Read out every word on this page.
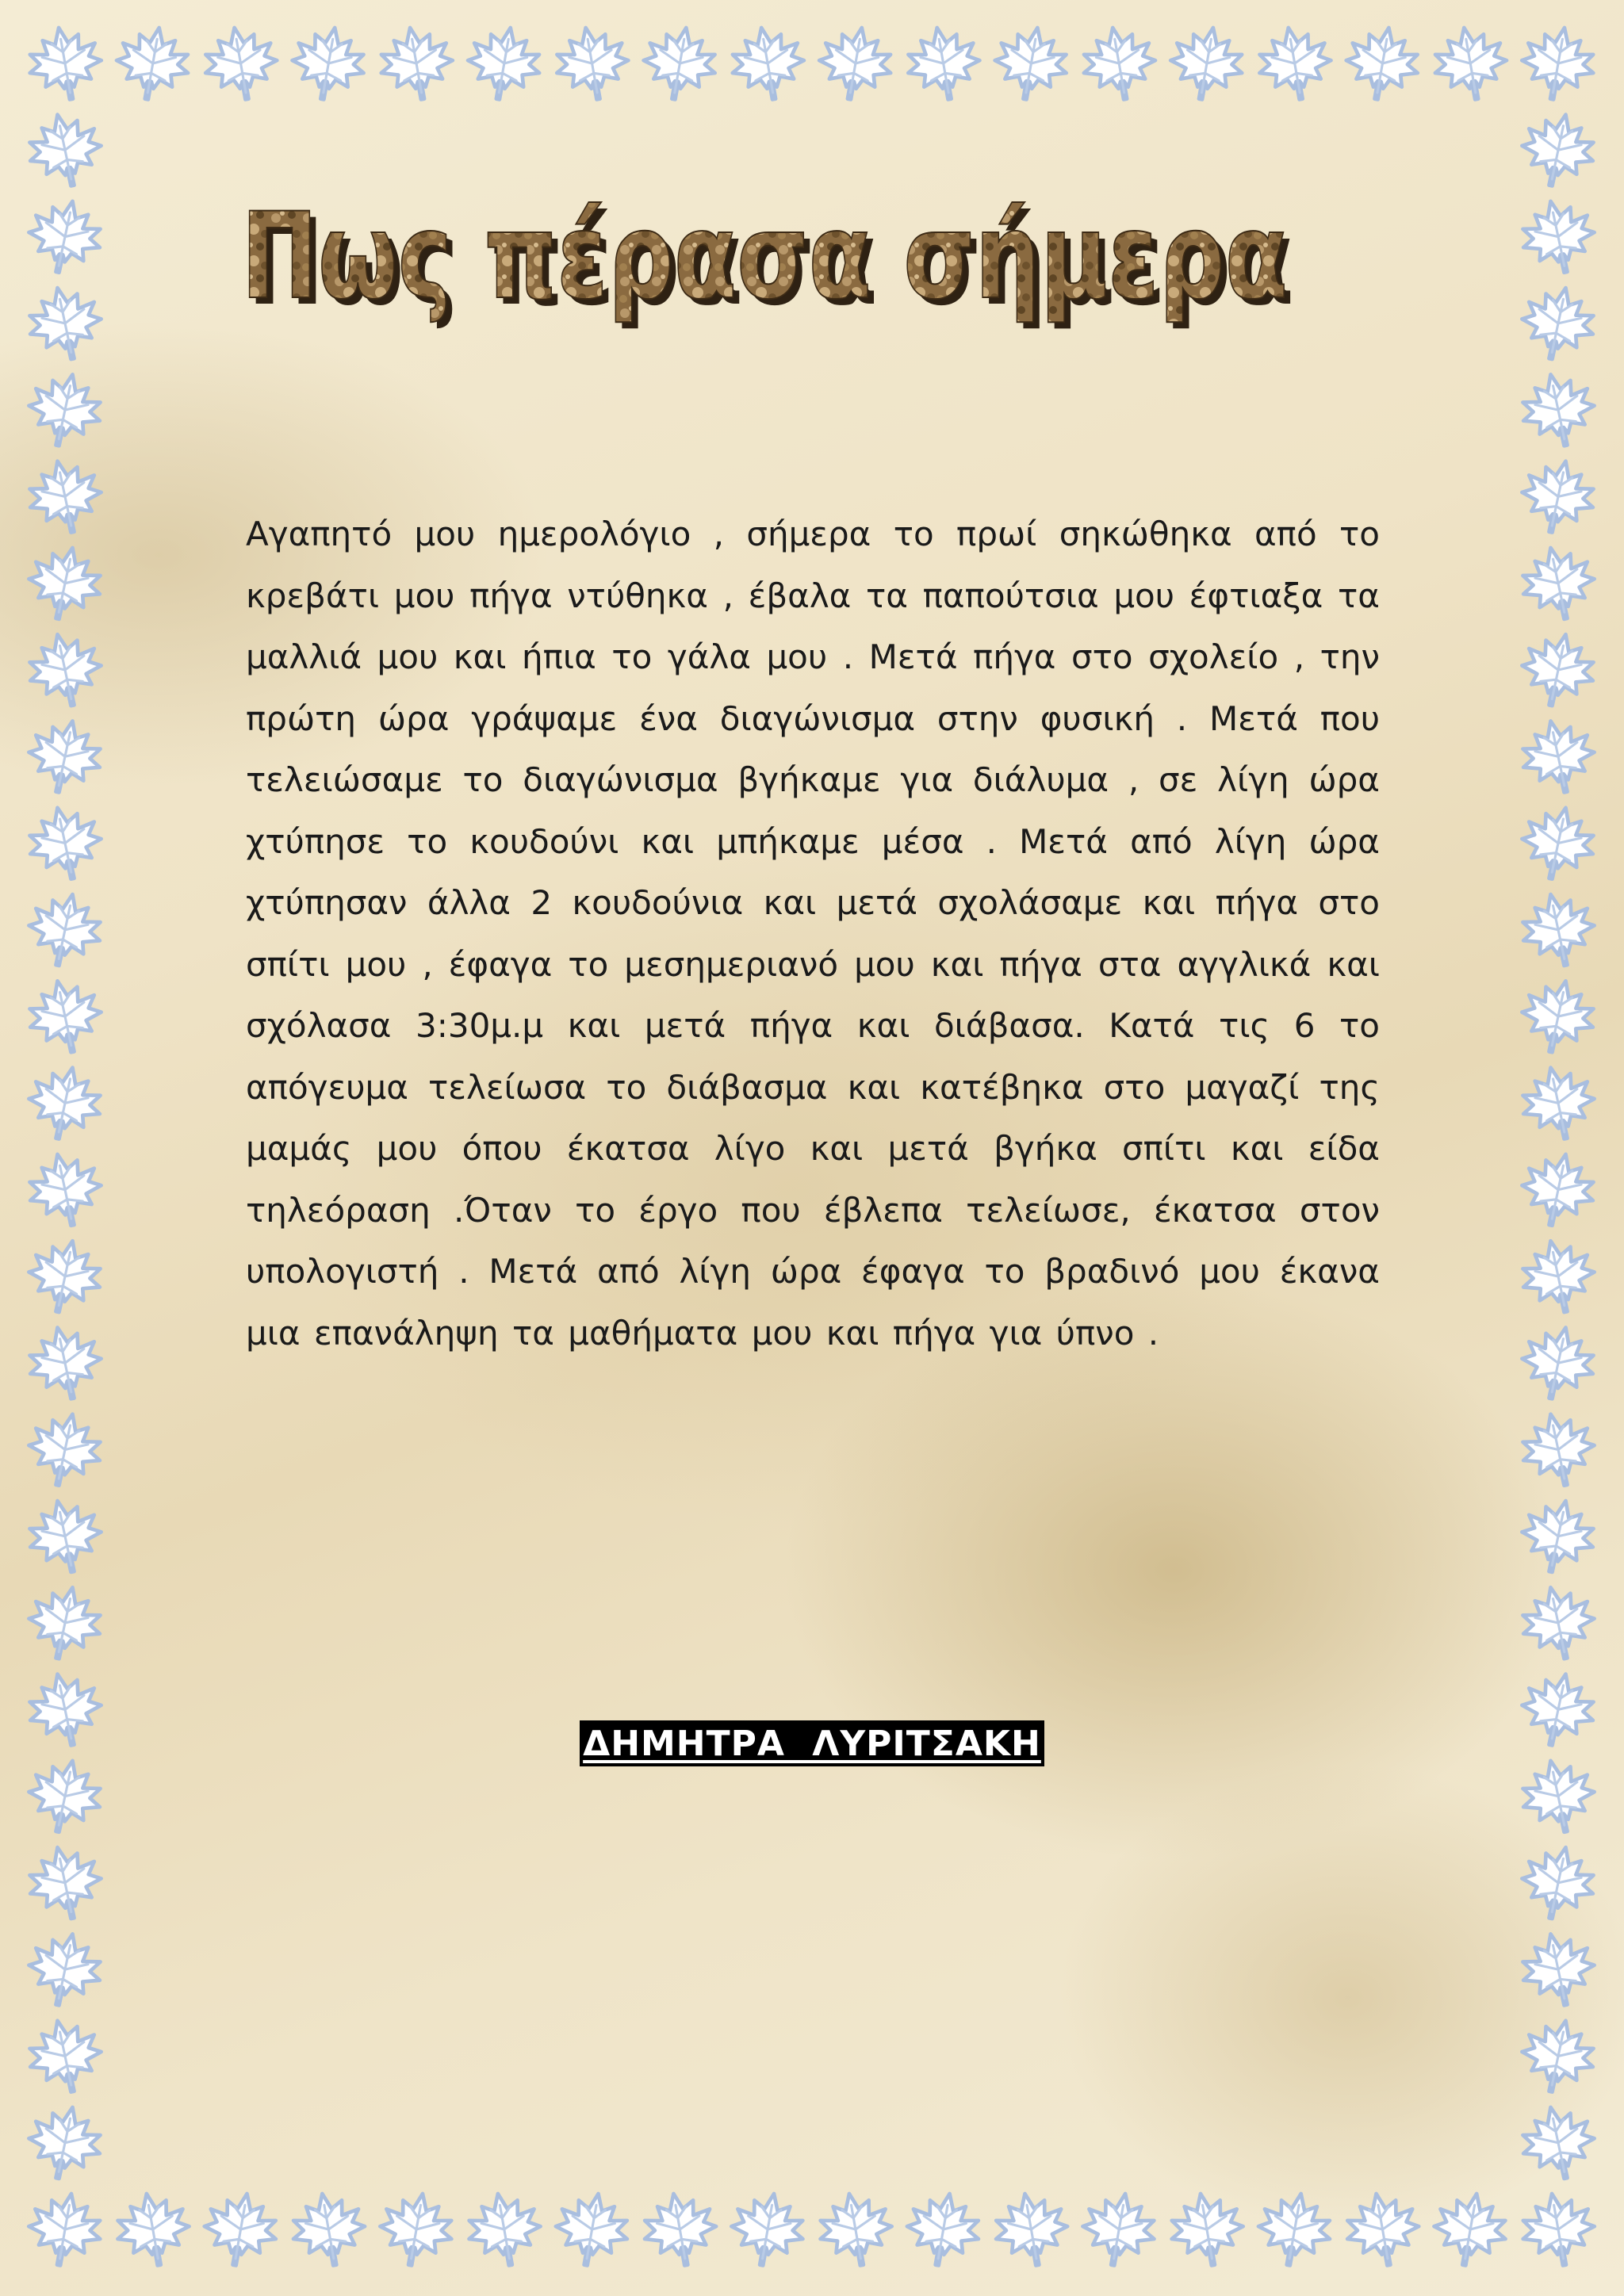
Πως πέρασα σήμερα
Πως πέρασα σήμερα

Αγαπητό μου ημερολόγιο , σήμερα το πρωί σηκώθηκα από το κρεβάτι μου πήγα ντύθηκα , έβαλα τα παπούτσια μου έφτιαξα τα μαλλιά μου και ήπια το γάλα μου . Μετά πήγα στο σχολείο , την πρώτη ώρα γράψαμε ένα διαγώνισμα στην φυσική . Μετά που τελειώσαμε το διαγώνισμα βγήκαμε για διάλυμα , σε λίγη ώρα χτύπησε το κουδούνι και μπήκαμε μέσα . Μετά από λίγη ώρα χτύπησαν άλλα 2 κουδούνια και μετά σχολάσαμε και πήγα στο σπίτι μου , έφαγα το μεσημεριανό μου και πήγα στα αγγλικά και σχόλασα 3:30μ.μ και μετά πήγα και διάβασα. Κατά τις 6 το απόγευμα τελείωσα το διάβασμα και κατέβηκα στο μαγαζί της μαμάς μου όπου έκατσα λίγο και μετά βγήκα σπίτι και είδα τηλεόραση .Όταν το έργο που έβλεπα τελείωσε, έκατσα στον υπολογιστή . Μετά από λίγη ώρα έφαγα το βραδινό μου έκανα μια επανάληψη τα μαθήματα μου και πήγα για ύπνο .

ΔΗΜΗΤΡΑ ΛΥΡΙΤΣΑΚΗ
